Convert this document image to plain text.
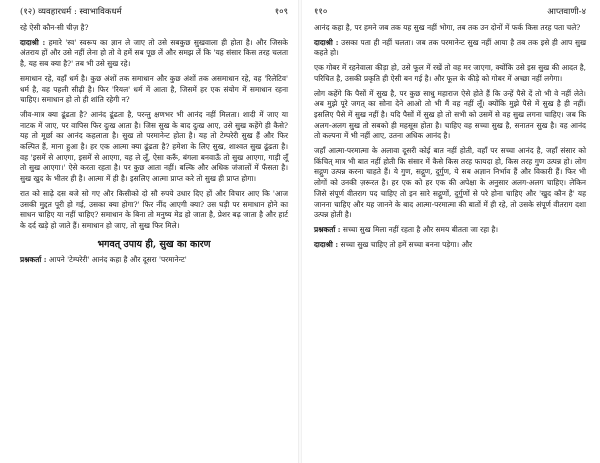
(१२) व्यवहारधर्म : स्वाभाविकधर्म	१०९

रहे ऐसी कौन-सी चीज़ है?

दादाश्री : हमारे 'स्व' स्वरूप का ज्ञान ले जाए तो उसे सबकुछ सुखवाला ही होता है। और जिसके अंतराय हों और उसे नहीं लेना हो तो वे हमें सब पूछ लें और समझ लें कि 'यह संसार किस तरह चलता है, यह सब क्या है?' तब भी उसे सुख रहे।

समाधान रहे, वहाँ धर्म है। कुछ अंशों तक समाधान और कुछ अंशों तक असमाधान रहे, वह 'रिलेटिव' धर्म है, वह पहली सीढ़ी है। फिर 'रियल' धर्म में आता है, जिसमें हर एक संयोग में समाधान रहना चाहिए। समाधान हो तो ही शांति रहेगी न?

जीव-मात्र क्या ढूंढता है? आनंद ढूंढता है, परन्तु क्षणभर भी आनंद नहीं मिलता। शादी में जाए या नाटक में जाए, पर वापिस फिर दुःख आता है। जिस सुख के बाद दुःख आए, उसे सुख कहेंगे ही कैसे? यह तो मूर्छा का आनंद कहलाता है। सुख तो परमानेन्ट होता है। यह तो टेम्परेरी सुख हैं और फिर कल्पित हैं, माना हुआ है। हर एक आत्मा क्या ढूंढता है? हमेशा के लिए सुख, शाश्वत सुख ढूंढता है। वह 'इसमें से आएगा, इसमें से आएगा, यह ले लूँ, ऐसा करूँ, बंगला बनवाऊँ तो सुख आएगा, गाड़ी लूँ तो सुख आएगा।' ऐसे करता रहता है। पर कुछ आता नहीं। बल्कि और अधिक जंजालों में फँसता है। सुख खुद के भीतर ही है। आत्मा में ही है। इसलिए आत्मा प्राप्त करे तो सुख ही प्राप्त होगा।

रात को साढ़े दस बजे सो गए और किसीको दो सौ रुपये उधार दिए हों और विचार आए कि 'आज उसकी मुद्दत पूरी हो गई, उसका क्या होगा?' फिर नींद आएगी क्या? उस घड़ी पर समाधान होने का साधन चाहिए या नहीं चाहिए? समाधान के बिना तो मनुष्य मेड हो जाता है, प्रेशर बढ़ जाता है और हार्ट के दर्द खड़े हो जाते हैं। समाधान हो जाए, तो सुख फिर मिले।

भगवत् उपाय ही, सुख का कारण

प्रश्नकर्ता : आपने 'टेम्परेरी' आनंद कहा है और दूसरा 'परमानेन्ट'

११०	आप्तवाणी-४

आनंद कहा है, पर हमने जब तक यह सुख नहीं भोगा, तब तक उन दोनों में फर्क किस तरह पता चले?

दादाश्री : उसका पता ही नहीं चलता। जब तक परमानेन्ट सुख नहीं आया है तब तक इसे ही आप सुख कहते हो।

एक गोबर में रहनेवाला कीड़ा हो, उसे फूल में रखें तो वह मर जाएगा, क्योंकि उसे इस सुख की आदत है, परिचित है, उसकी प्रकृति ही ऐसी बन गई है। और फूल के कीड़े को गोबर में अच्छा नहीं लगेगा।

लोग कहेंगे कि पैसों में सुख है, पर कुछ साधु महाराज ऐसे होते हैं कि उन्हें पैसे दें तो भी वे नहीं लेते। अब मुझे पूरे जगत् का सोना देने आओ तो भी मैं वह नहीं लूँ। क्योंकि मुझे पैसे में सुख है ही नहीं। इसलिए पैसे में सुख नहीं है। यदि पैसों में सुख हो तो सभी को उसमें से वह सुख लगना चाहिए। जब कि अलग-अलग सुख तो सबको ही महसूस होता है। चाहिए वह सच्चा सुख है, सनातन सुख है। वह आनंद तो कल्पना में भी नहीं आए, उतना अधिक आनंद है।

जहाँ आत्मा-परमात्मा के अलावा दूसरी कोई बात नहीं होती, वहाँ पर सच्चा आनंद है, जहाँ संसार को किंचित् मात्र भी बात नहीं होती कि संसार में कैसे किस तरह फायदा हो, किस तरह गुण उत्पन्न हो। लोग सद्गुण उत्पन्न करना चाहते हैं। ये गुण, सद्गुण, दुर्गुण, ये सब अज्ञान निर्भाव हैं और विकारी हैं। फिर भी लोगों को उनकी ज़रूरत है। हर एक को हर एक की अपेक्षा के अनुसार अलग-अलग चाहिए। लेकिन जिसे संपूर्ण वीतराग पद चाहिए तो इन सारे सद्गुणों, दुर्गुणों से परे होना चाहिए और 'खुद कौन है' यह जानना चाहिए और यह जानने के बाद आत्मा-परमात्मा की बातों में ही रहे, तो उसके संपूर्ण वीतराग दशा उत्पन्न होती है।

प्रश्नकर्ता : सच्चा सुख मिला नहीं रहता है और समय बीतता जा रहा है।

दादाश्री : सच्चा सुख चाहिए तो हमें सच्चा बनना पड़ेगा। और
